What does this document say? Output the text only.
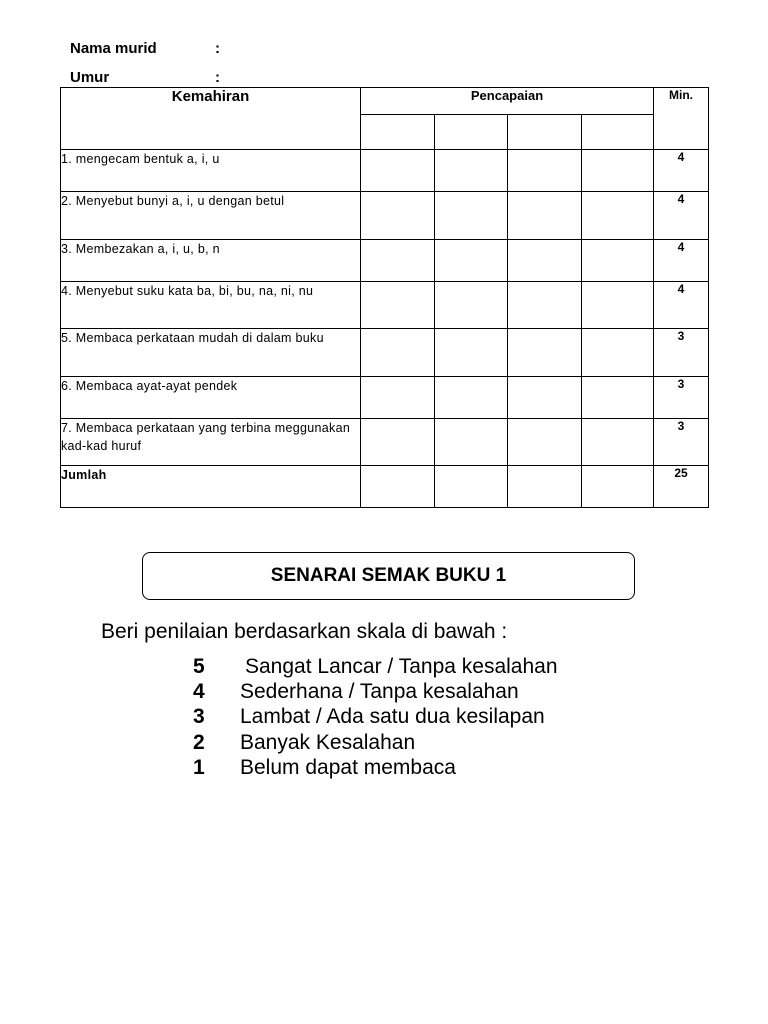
Nama murid	:
Umur	:
Kemahiran	Pencapaian				Min.

1. mengecam bentuk a, i, u					4
2. Menyebut bunyi a, i, u dengan betul					4
3. Membezakan a, i, u, b, n					4
4. Menyebut suku kata ba, bi, bu, na, ni, nu					4
5. Membaca perkataan mudah di dalam buku					3
6. Membaca ayat-ayat pendek					3
7. Membaca perkataan yang terbina meggunakan kad-kad huruf					3
Jumlah					25
SENARAI SEMAK BUKU 1
Beri penilaian berdasarkan skala di bawah :
5 Sangat Lancar / Tanpa kesalahan
4 Sederhana / Tanpa kesalahan
3 Lambat / Ada satu dua kesilapan
2 Banyak Kesalahan
1 Belum dapat membaca
